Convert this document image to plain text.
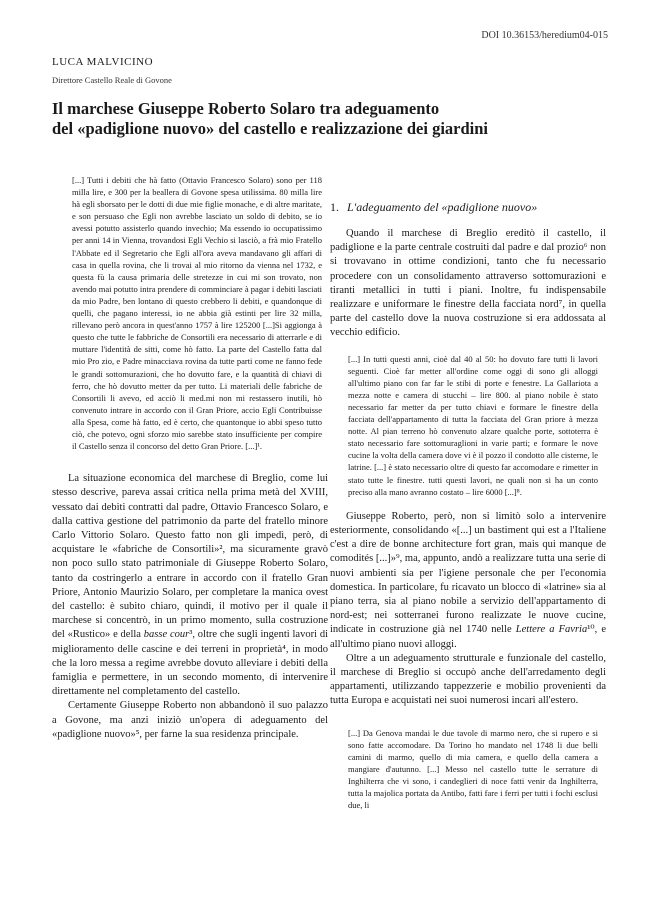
DOI 10.36153/heredium04-015
LUCA MALVICINO
Direttore Castello Reale di Govone
Il marchese Giuseppe Roberto Solaro tra adeguamento
del «padiglione nuovo» del castello e realizzazione dei giardini

[...] Tutti i debiti che hà fatto (Ottavio Francesco Solaro) sono per 118 milla lire, e 300 per la beallera di Govone spesa utilissima. 80 milla lire hà egli sborsato per le dotti di due mie figlie monache, e di altre maritate, e son persuaso che Egli non avrebbe lasciato un soldo di debito, se io avessi potutto assisterlo quando invechio; Ma essendo io occupatissimo per anni 14 in Vienna, trovandosi Egli Vechio si lasciò, a frà mio Fratello l'Abbate ed il Segretario che Egli all'ora aveva mandavano gli affari di casa in quella rovina, che li trovai al mio ritorno da vienna nel 1732, e questa fù la causa primaria delle stretezze in cui mi son trovato, non avendo mai potutto intra prendere di comminciare à pagar i debiti lasciati da mio Padre, ben lontano di questo crebbero li debiti, e quandonque di quelli, che pagano interessi, io ne abbia già estinti per lire 32 milla, rillevano però ancora in quest'anno 1757 à lire 125200 [...]Si aggionga à questo che tutte le fabbriche de Consortili era necessario di atterrarle e di muttare l'identità de sitti, come hò fatto. La parte del Castello fatta dal mio Pro zio, e Padre minacciava rovina da tutte parti come ne fanno fede le grandi sottomurazioni, che ho dovutto fare, e la quantità di chiavi di ferro, che hò dovutto metter da per tutto. Li materiali delle fabriche de Consortili li avevo, ed acciò li med.mi non mi restassero inutili, hò convenuto intrare in accordo con il Gran Priore, accio Egli Contribuisse alla Spesa, come hà fatto, ed è certo, che quantonque io abbi speso tutto ciò, che potevo, ogni sforzo mio sarebbe stato insufficiente per compire il Castello senza il concorso del detto Gran Priore. [...]¹.

La situazione economica del marchese di Breglio, come lui stesso descrive, pareva assai critica nella prima metà del XVIII, vessato dai debiti contratti dal padre, Ottavio Francesco Solaro, e dalla cattiva gestione del patrimonio da parte del fratello minore Carlo Vittorio Solaro. Questo fatto non gli impedì, però, di acquistare le «fabriche de Consortili»², ma sicuramente gravò non poco sullo stato patrimoniale di Giuseppe Roberto Solaro, tanto da costringerlo a entrare in accordo con il fratello Gran Priore, Antonio Maurizio Solaro, per completare la manica ovest del castello: è subito chiaro, quindi, il motivo per il quale il marchese si concentrò, in un primo momento, sulla costruzione del «Rustico» e della basse cour³, oltre che sugli ingenti lavori di miglioramento delle cascine e dei terreni in proprietà⁴, in modo che la loro messa a regime avrebbe dovuto alleviare i debiti della famiglia e permettere, in un secondo momento, di intervenire direttamente nel completamento del castello.

Certamente Giuseppe Roberto non abbandonò il suo palazzo a Govone, ma anzi iniziò un'opera di adeguamento del «padiglione nuovo»⁵, per farne la sua residenza principale.

1. L'adeguamento del «padiglione nuovo»

Quando il marchese di Breglio ereditò il castello, il padiglione e la parte centrale costruiti dal padre e dal prozio⁶ non si trovavano in ottime condizioni, tanto che fu necessario procedere con un consolidamento attraverso sottomurazioni e tiranti metallici in tutti i piani. Inoltre, fu indispensabile realizzare e uniformare le finestre della facciata nord⁷, in quella parte del castello dove la nuova costruzione si era addossata al vecchio edificio.

[...] In tutti questi anni, cioè dal 40 al 50: ho dovuto fare tutti li lavori seguenti. Cioè far metter all'ordine come oggi di sono gli alloggi all'ultimo piano con far far le stibi di porte e fenestre. La Gallariota a mezza notte e camera di stucchi – lire 800. al piano nobile è stato necessario far metter da per tutto chiavi e formare le finestre della facciata dell'appartamento di tutta la facciata del Gran priore à mezza notte. Al pian terreno hò convenuto alzare qualche porte, sottoterra è stato necessario fare sottomuraglioni in varie parti; e formare le nove cucine la volta della camera dove vi è il pozzo il condotto alle cisterne, le latrine. [...] è stato necessario oltre di questo far accomodare e rimetter in stato tutte le finestre. tutti questi lavori, ne quali non si ha un conto preciso alla mano avranno costato – lire 6000 [...]⁸.

Giuseppe Roberto, però, non si limitò solo a intervenire esteriormente, consolidando «[...] un bastiment qui est a l'Italiene c'est a dire de bonne architecture fort gran, mais qui manque de comodités [...]»⁹, ma, appunto, andò a realizzare tutta una serie di nuovi ambienti sia per l'igiene personale che per l'economia domestica. In particolare, fu ricavato un blocco di «latrine» sia al piano terra, sia al piano nobile a servizio dell'appartamento di nord-est; nei sotterranei furono realizzate le nuove cucine, indicate in costruzione già nel 1740 nelle Lettere a Favria¹⁰, e all'ultimo piano nuovi alloggi.

Oltre a un adeguamento strutturale e funzionale del castello, il marchese di Breglio si occupò anche dell'arredamento degli appartamenti, utilizzando tappezzerie e mobilio provenienti da tutta Europa e acquistati nei suoi numerosi incari all'estero.

[...] Da Genova mandai le due tavole di marmo nero, che si rupero e si sono fatte accomodare. Da Torino ho mandato nel 1748 li due belli camini di marmo, quello di mia camera, e quello della camera a mangiare d'autunno. [...] Messo nel castello tutte le serrature di Inghilterra che vi sono, i candeglieri di noce fatti venir da Inghilterra, tutta la majolica portata da Antibo, fatti fare i ferri per tutti i fochi esclusi due, li
